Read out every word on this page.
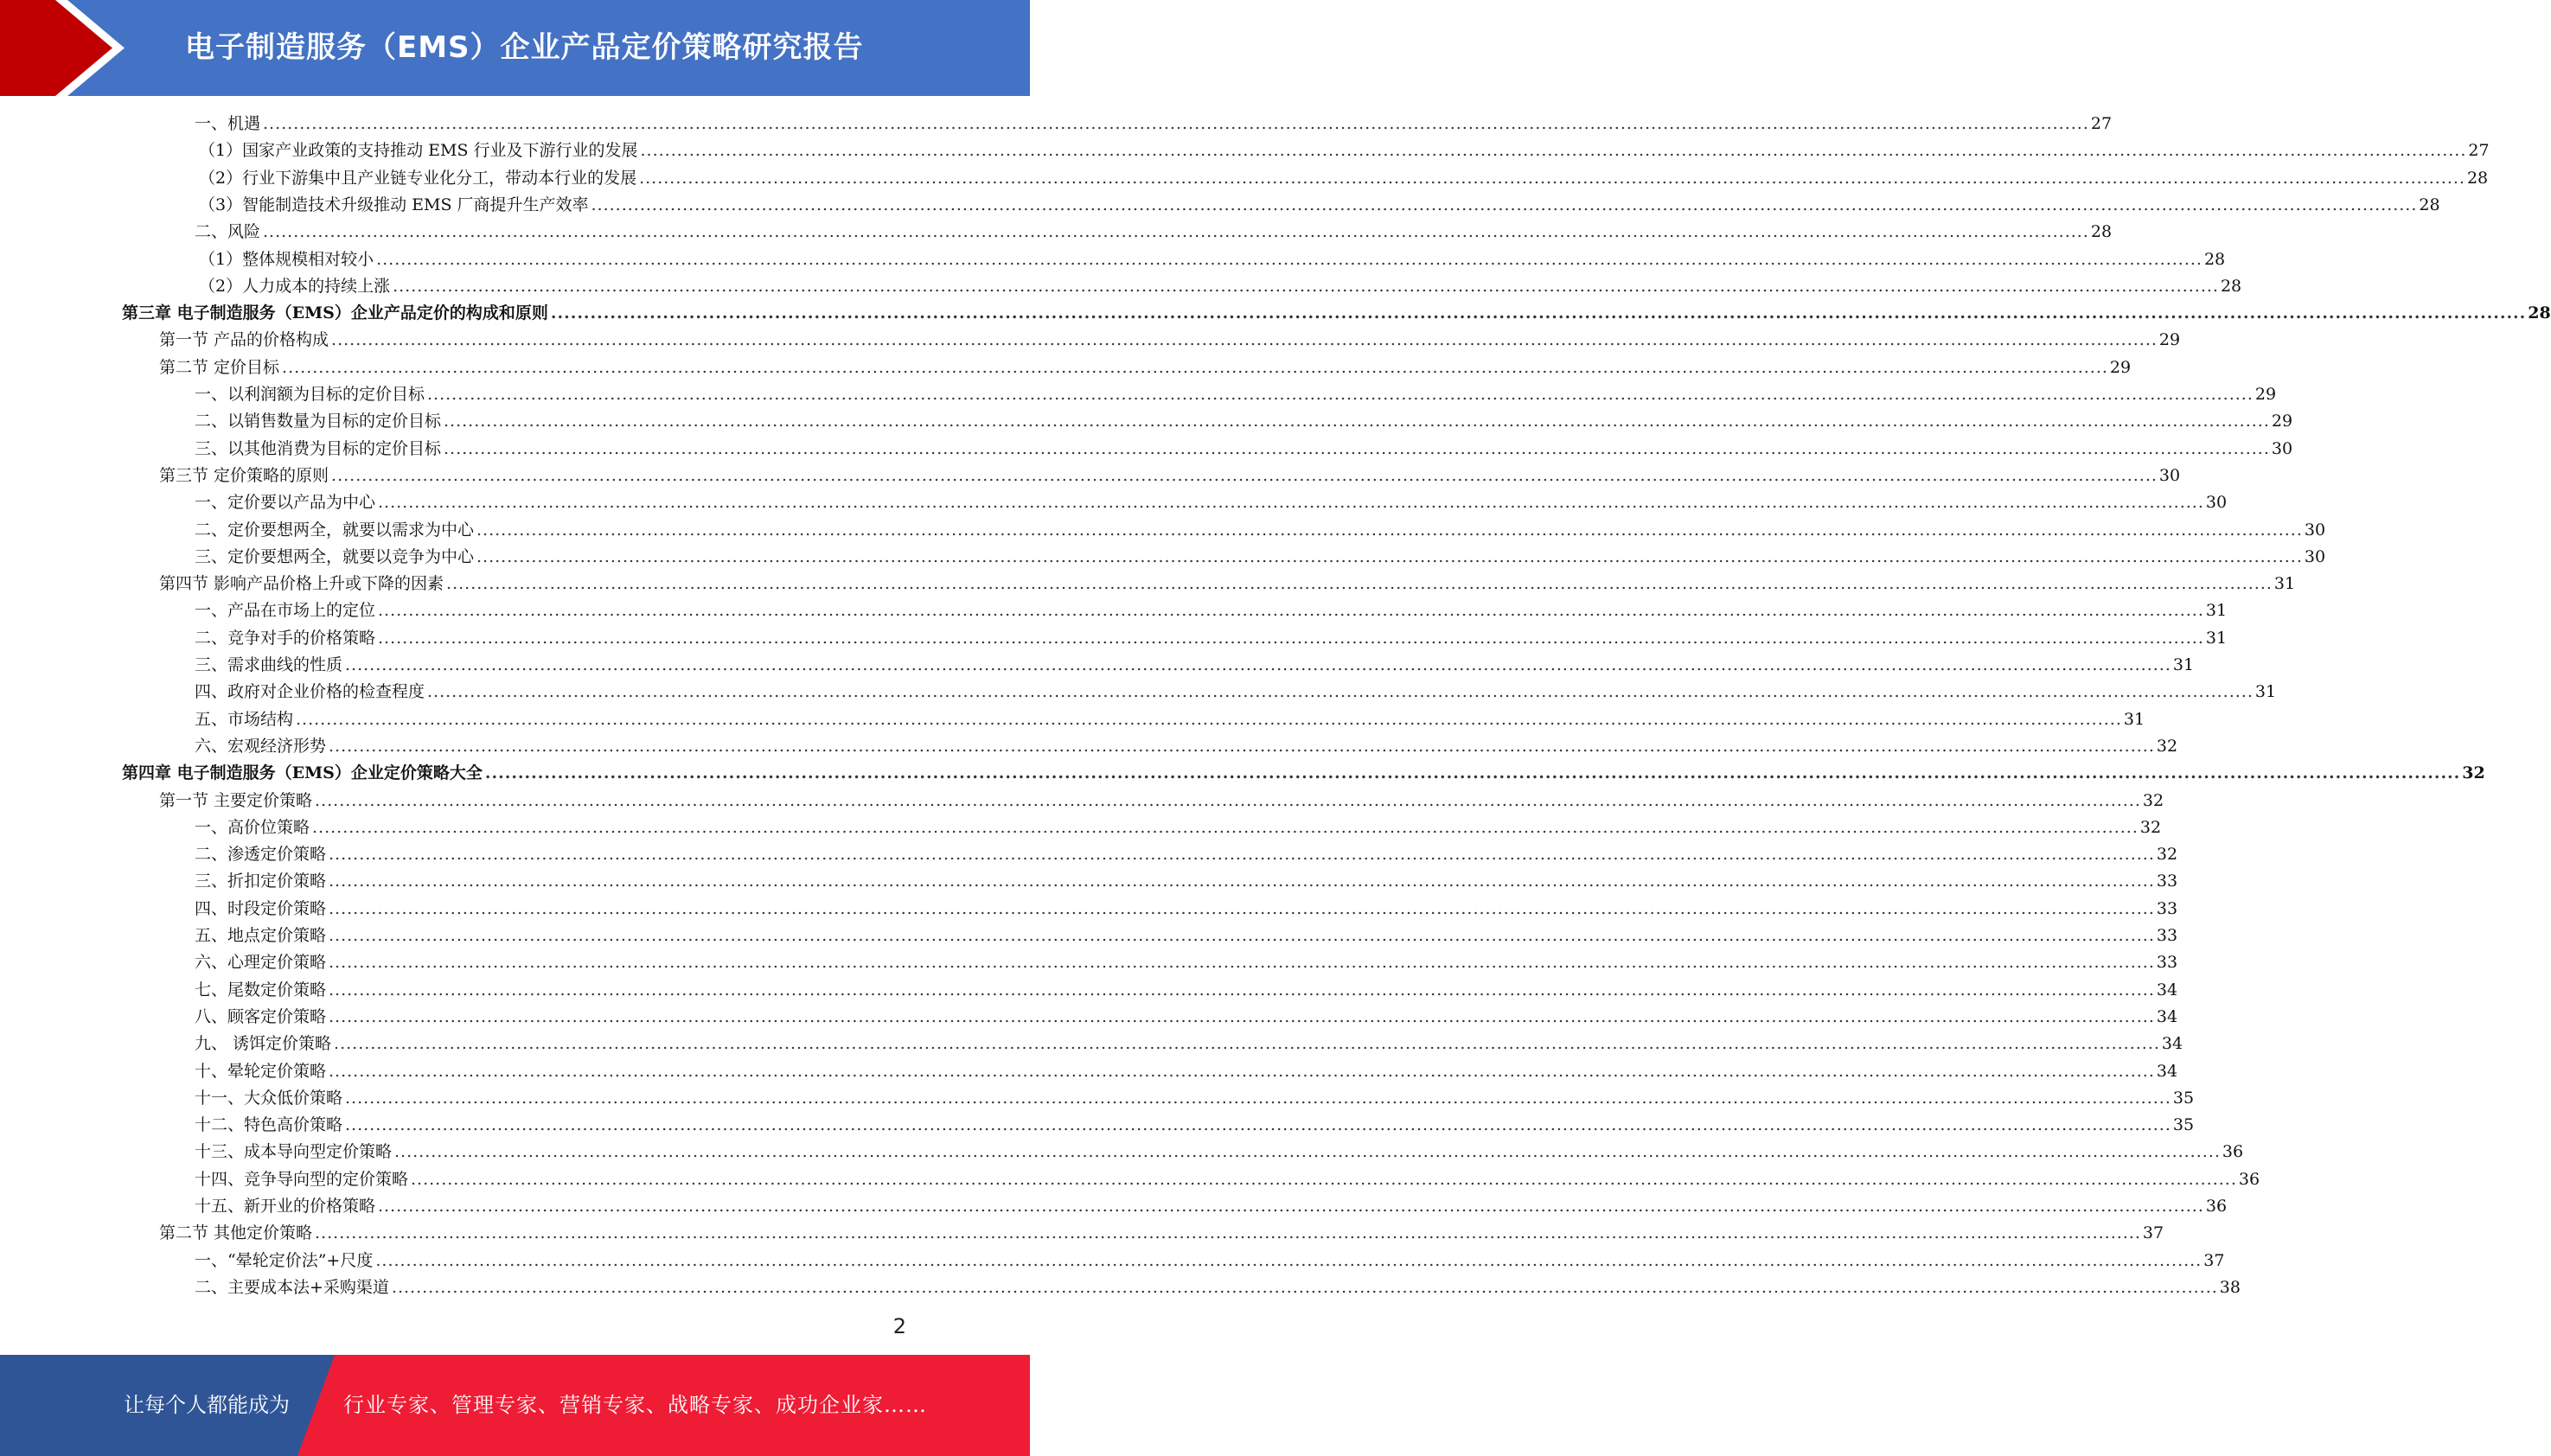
电子制造服务（EMS）企业产品定价策略研究报告
一、机遇 ............................................................................................................................................................................................................................................................................................................ 27
（1）国家产业政策的支持推动 EMS 行业及下游行业的发展 ............................................................................................................................................................................................................................................................................................................ 27
（2）行业下游集中且产业链专业化分工，带动本行业的发展 ............................................................................................................................................................................................................................................................................................................ 28
（3）智能制造技术升级推动 EMS 厂商提升生产效率 ............................................................................................................................................................................................................................................................................................................ 28
二、风险 ............................................................................................................................................................................................................................................................................................................ 28
（1）整体规模相对较小 ............................................................................................................................................................................................................................................................................................................ 28
（2）人力成本的持续上涨 ............................................................................................................................................................................................................................................................................................................ 28
第三章 电子制造服务（EMS）企业产品定价的构成和原则 ............................................................................................................................................................................................................................................................................................................ 28
第一节 产品的价格构成 ............................................................................................................................................................................................................................................................................................................ 29
第二节 定价目标 ............................................................................................................................................................................................................................................................................................................ 29
一、以利润额为目标的定价目标 ............................................................................................................................................................................................................................................................................................................ 29
二、以销售数量为目标的定价目标 ............................................................................................................................................................................................................................................................................................................ 29
三、以其他消费为目标的定价目标 ............................................................................................................................................................................................................................................................................................................ 30
第三节 定价策略的原则 ............................................................................................................................................................................................................................................................................................................ 30
一、定价要以产品为中心 ............................................................................................................................................................................................................................................................................................................ 30
二、定价要想两全，就要以需求为中心 ............................................................................................................................................................................................................................................................................................................ 30
三、定价要想两全，就要以竞争为中心 ............................................................................................................................................................................................................................................................................................................ 30
第四节 影响产品价格上升或下降的因素 ............................................................................................................................................................................................................................................................................................................ 31
一、产品在市场上的定位 ............................................................................................................................................................................................................................................................................................................ 31
二、竞争对手的价格策略 ............................................................................................................................................................................................................................................................................................................ 31
三、需求曲线的性质 ............................................................................................................................................................................................................................................................................................................ 31
四、政府对企业价格的检查程度 ............................................................................................................................................................................................................................................................................................................ 31
五、市场结构 ............................................................................................................................................................................................................................................................................................................ 31
六、宏观经济形势 ............................................................................................................................................................................................................................................................................................................ 32
第四章 电子制造服务（EMS）企业定价策略大全 ............................................................................................................................................................................................................................................................................................................ 32
第一节 主要定价策略 ............................................................................................................................................................................................................................................................................................................ 32
一、高价位策略 ............................................................................................................................................................................................................................................................................................................ 32
二、渗透定价策略 ............................................................................................................................................................................................................................................................................................................ 32
三、折扣定价策略 ............................................................................................................................................................................................................................................................................................................ 33
四、时段定价策略 ............................................................................................................................................................................................................................................................................................................ 33
五、地点定价策略 ............................................................................................................................................................................................................................................................................................................ 33
六、心理定价策略 ............................................................................................................................................................................................................................................................................................................ 33
七、尾数定价策略 ............................................................................................................................................................................................................................................................................................................ 34
八、顾客定价策略 ............................................................................................................................................................................................................................................................................................................ 34
九、 诱饵定价策略 ............................................................................................................................................................................................................................................................................................................ 34
十、晕轮定价策略 ............................................................................................................................................................................................................................................................................................................ 34
十一、大众低价策略 ............................................................................................................................................................................................................................................................................................................ 35
十二、特色高价策略 ............................................................................................................................................................................................................................................................................................................ 35
十三、成本导向型定价策略 ............................................................................................................................................................................................................................................................................................................ 36
十四、竞争导向型的定价策略 ............................................................................................................................................................................................................................................................................................................ 36
十五、新开业的价格策略 ............................................................................................................................................................................................................................................................................................................ 36
第二节 其他定价策略 ............................................................................................................................................................................................................................................................................................................ 37
一、“晕轮定价法”+尺度 ............................................................................................................................................................................................................................................................................................................ 37
二、主要成本法+采购渠道 ............................................................................................................................................................................................................................................................................................................ 38
2
让每个人都能成为	行业专家、管理专家、营销专家、战略专家、成功企业家……
